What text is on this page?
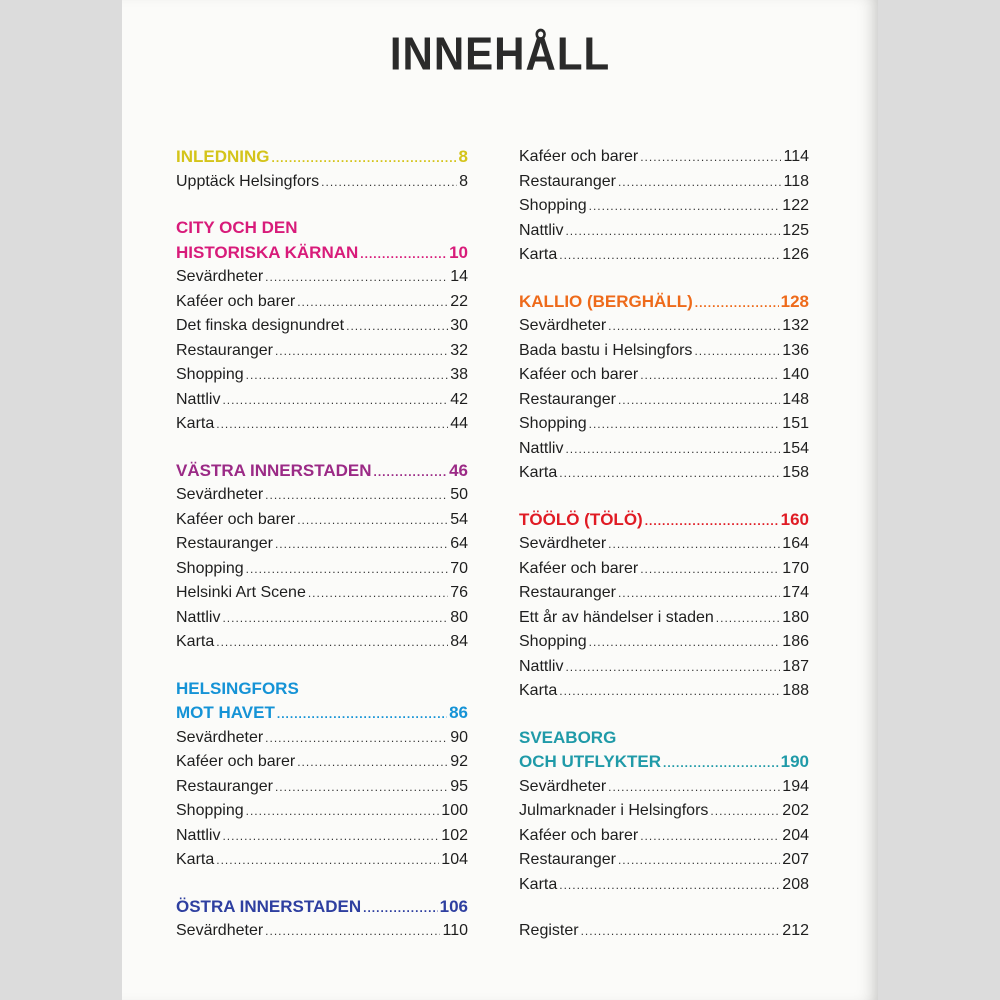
INNEHÅLL
INLEDNING .....	8
Upptäck Helsingfors .....	8
CITY OCH DEN
HISTORISKA KÄRNAN .....	10
Sevärdheter .....	14
Kaféer och barer .....	22
Det finska designundret .....	30
Restauranger .....	32
Shopping .....	38
Nattliv .....	42
Karta .....	44
VÄSTRA INNERSTADEN .....	46
Sevärdheter .....	50
Kaféer och barer .....	54
Restauranger .....	64
Shopping .....	70
Helsinki Art Scene .....	76
Nattliv .....	80
Karta .....	84
HELSINGFORS
MOT HAVET .....	86
Sevärdheter .....	90
Kaféer och barer .....	92
Restauranger .....	95
Shopping .....	100
Nattliv .....	102
Karta .....	104
ÖSTRA INNERSTADEN .....	106
Sevärdheter .....	110
Kaféer och barer .....	114
Restauranger .....	118
Shopping .....	122
Nattliv .....	125
Karta .....	126
KALLIO (BERGHÄLL) .....	128
Sevärdheter .....	132
Bada bastu i Helsingfors .....	136
Kaféer och barer .....	140
Restauranger .....	148
Shopping .....	151
Nattliv .....	154
Karta .....	158
TÖÖLÖ (TÖLÖ) .....	160
Sevärdheter .....	164
Kaféer och barer .....	170
Restauranger .....	174
Ett år av händelser i staden .....	180
Shopping .....	186
Nattliv .....	187
Karta .....	188
SVEABORG
OCH UTFLYKTER .....	190
Sevärdheter .....	194
Julmarknader i Helsingfors .....	202
Kaféer och barer .....	204
Restauranger .....	207
Karta .....	208
Register .....	212
